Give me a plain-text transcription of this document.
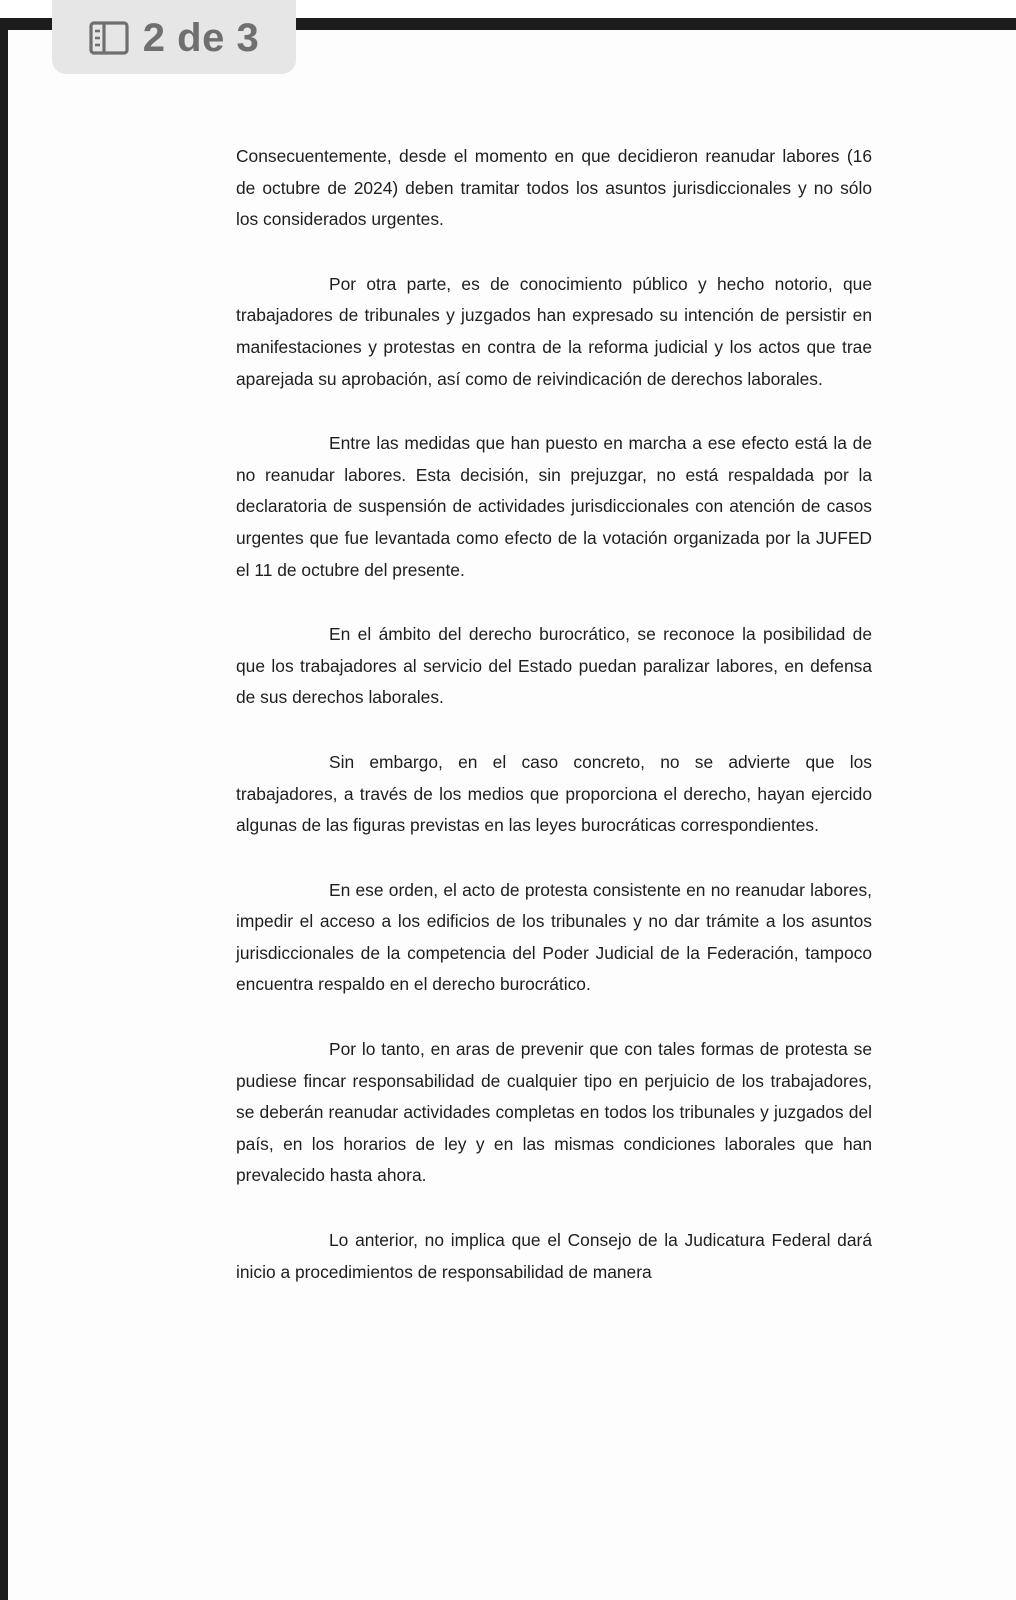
2 de 3

Consecuentemente, desde el momento en que decidieron reanudar labores (16 de octubre de 2024) deben tramitar todos los asuntos jurisdiccionales y no sólo los considerados urgentes.

Por otra parte, es de conocimiento público y hecho notorio, que trabajadores de tribunales y juzgados han expresado su intención de persistir en manifestaciones y protestas en contra de la reforma judicial y los actos que trae aparejada su aprobación, así como de reivindicación de derechos laborales.

Entre las medidas que han puesto en marcha a ese efecto está la de no reanudar labores. Esta decisión, sin prejuzgar, no está respaldada por la declaratoria de suspensión de actividades jurisdiccionales con atención de casos urgentes que fue levantada como efecto de la votación organizada por la JUFED el 11 de octubre del presente.

En el ámbito del derecho burocrático, se reconoce la posibilidad de que los trabajadores al servicio del Estado puedan paralizar labores, en defensa de sus derechos laborales.

Sin embargo, en el caso concreto, no se advierte que los trabajadores, a través de los medios que proporciona el derecho, hayan ejercido algunas de las figuras previstas en las leyes burocráticas correspondientes.

En ese orden, el acto de protesta consistente en no reanudar labores, impedir el acceso a los edificios de los tribunales y no dar trámite a los asuntos jurisdiccionales de la competencia del Poder Judicial de la Federación, tampoco encuentra respaldo en el derecho burocrático.

Por lo tanto, en aras de prevenir que con tales formas de protesta se pudiese fincar responsabilidad de cualquier tipo en perjuicio de los trabajadores, se deberán reanudar actividades completas en todos los tribunales y juzgados del país, en los horarios de ley y en las mismas condiciones laborales que han prevalecido hasta ahora.

Lo anterior, no implica que el Consejo de la Judicatura Federal dará inicio a procedimientos de responsabilidad de manera
